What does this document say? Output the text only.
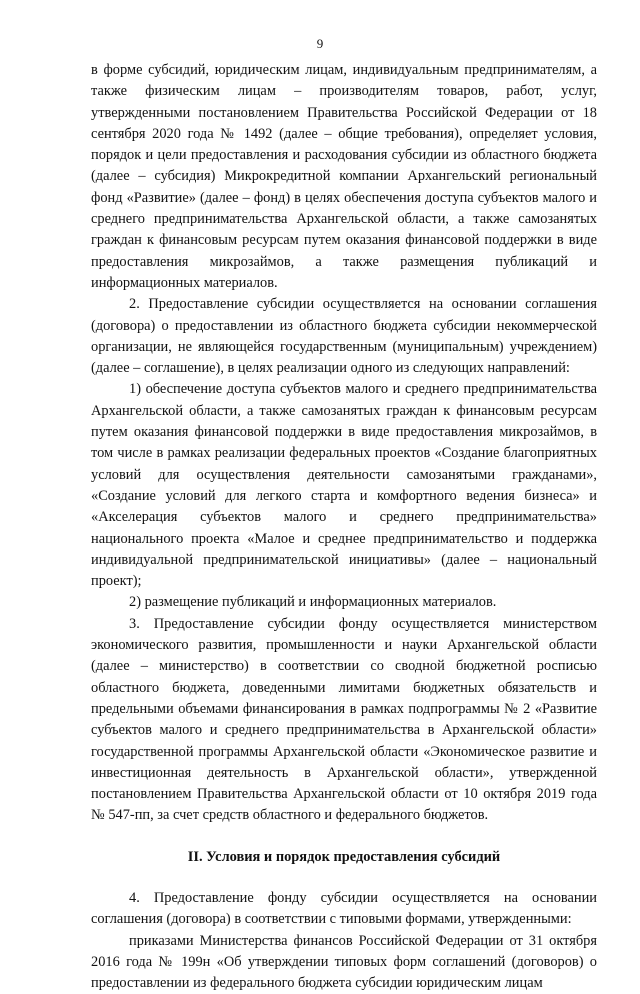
9

в форме субсидий, юридическим лицам, индивидуальным предпринимателям, а также физическим лицам – производителям товаров, работ, услуг, утвержденными постановлением Правительства Российской Федерации от 18 сентября 2020 года № 1492 (далее – общие требования), определяет условия, порядок и цели предоставления и расходования субсидии из областного бюджета (далее – субсидия) Микрокредитной компании Архангельский региональный фонд «Развитие» (далее – фонд) в целях обеспечения доступа субъектов малого и среднего предпринимательства Архангельской области, а также самозанятых граждан к финансовым ресурсам путем оказания финансовой поддержки в виде предоставления микрозаймов, а также размещения публикаций и информационных материалов.

2. Предоставление субсидии осуществляется на основании соглашения (договора) о предоставлении из областного бюджета субсидии некоммерческой организации, не являющейся государственным (муниципальным) учреждением) (далее – соглашение), в целях реализации одного из следующих направлений:

1) обеспечение доступа субъектов малого и среднего предпринимательства Архангельской области, а также самозанятых граждан к финансовым ресурсам путем оказания финансовой поддержки в виде предоставления микрозаймов, в том числе в рамках реализации федеральных проектов «Создание благоприятных условий для осуществления деятельности самозанятыми гражданами», «Создание условий для легкого старта и комфортного ведения бизнеса» и «Акселерация субъектов малого и среднего предпринимательства» национального проекта «Малое и среднее предпринимательство и поддержка индивидуальной предпринимательской инициативы» (далее – национальный проект);

2) размещение публикаций и информационных материалов.

3. Предоставление субсидии фонду осуществляется министерством экономического развития, промышленности и науки Архангельской области (далее – министерство) в соответствии со сводной бюджетной росписью областного бюджета, доведенными лимитами бюджетных обязательств и предельными объемами финансирования в рамках подпрограммы № 2 «Развитие субъектов малого и среднего предпринимательства в Архангельской области» государственной программы Архангельской области «Экономическое развитие и инвестиционная деятельность в Архангельской области», утвержденной постановлением Правительства Архангельской области от 10 октября 2019 года № 547-пп, за счет средств областного и федерального бюджетов.

II. Условия и порядок предоставления субсидий

4. Предоставление фонду субсидии осуществляется на основании соглашения (договора) в соответствии с типовыми формами, утвержденными:

приказами Министерства финансов Российской Федерации от 31 октября 2016 года № 199н «Об утверждении типовых форм соглашений (договоров) о предоставлении из федерального бюджета субсидии юридическим лицам
